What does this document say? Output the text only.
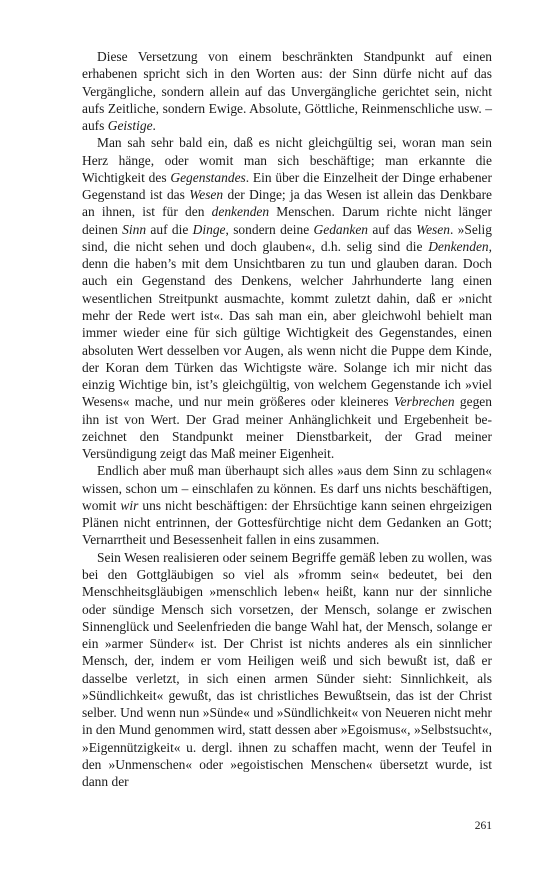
Diese Versetzung von einem beschränkten Standpunkt auf einen erhabenen spricht sich in den Worten aus: der Sinn dürfe nicht auf das Vergängliche, sondern allein auf das Unvergängliche gerichtet sein, nicht aufs Zeitliche, sondern Ewige. Absolute, Göttliche, Reinmenschliche usw. – aufs Geistige.

Man sah sehr bald ein, daß es nicht gleichgültig sei, woran man sein Herz hänge, oder womit man sich beschäftige; man erkannte die Wichtigkeit des Gegenstandes. Ein über die Einzelheit der Dinge erhabener Gegenstand ist das Wesen der Dinge; ja das Wesen ist allein das Denkbare an ihnen, ist für den denkenden Menschen. Darum richte nicht länger deinen Sinn auf die Dinge, sondern deine Gedanken auf das Wesen. »Selig sind, die nicht sehen und doch glauben«, d.h. selig sind die Denkenden, denn die haben’s mit dem Unsichtbaren zu tun und glauben daran. Doch auch ein Gegenstand des Denkens, welcher Jahrhunderte lang einen wesentlichen Streitpunkt ausmachte, kommt zuletzt dahin, daß er »nicht mehr der Rede wert ist«. Das sah man ein, aber gleichwohl behielt man immer wieder eine für sich gültige Wichtigkeit des Gegenstandes, einen absoluten Wert desselben vor Augen, als wenn nicht die Puppe dem Kinde, der Koran dem Türken das Wichtigste wäre. Solange ich mir nicht das einzig Wichtige bin, ist’s gleichgültig, von welchem Gegenstande ich »viel Wesens« mache, und nur mein größeres oder kleineres Verbrechen gegen ihn ist von Wert. Der Grad meiner Anhänglichkeit und Ergebenheit bezeichnet den Standpunkt meiner Dienstbarkeit, der Grad meiner Versündigung zeigt das Maß meiner Eigenheit.

Endlich aber muß man überhaupt sich alles »aus dem Sinn zu schlagen« wissen, schon um – einschlafen zu können. Es darf uns nichts beschäftigen, womit wir uns nicht beschäftigen: der Ehrsüchtige kann seinen ehrgeizigen Plänen nicht entrinnen, der Gottesfürchtige nicht dem Gedanken an Gott; Vernarrtheit und Besessenheit fallen in eins zusammen.

Sein Wesen realisieren oder seinem Begriffe gemäß leben zu wollen, was bei den Gottgläubigen so viel als »fromm sein« bedeutet, bei den Menschheitsgläubigen »menschlich leben« heißt, kann nur der sinnliche oder sündige Mensch sich vorsetzen, der Mensch, solange er zwischen Sinnenglück und Seelenfrieden die bange Wahl hat, der Mensch, solange er ein »armer Sünder« ist. Der Christ ist nichts anderes als ein sinnlicher Mensch, der, indem er vom Heiligen weiß und sich bewußt ist, daß er dasselbe verletzt, in sich einen armen Sünder sieht: Sinnlichkeit, als »Sündlichkeit« gewußt, das ist christliches Bewußtsein, das ist der Christ selber. Und wenn nun »Sünde« und »Sündlichkeit« von Neueren nicht mehr in den Mund genommen wird, statt dessen aber »Egoismus«, »Selbstsucht«, »Eigennützigkeit« u. dergl. ihnen zu schaffen macht, wenn der Teufel in den »Unmenschen« oder »egoistischen Menschen« übersetzt wurde, ist dann der

261
